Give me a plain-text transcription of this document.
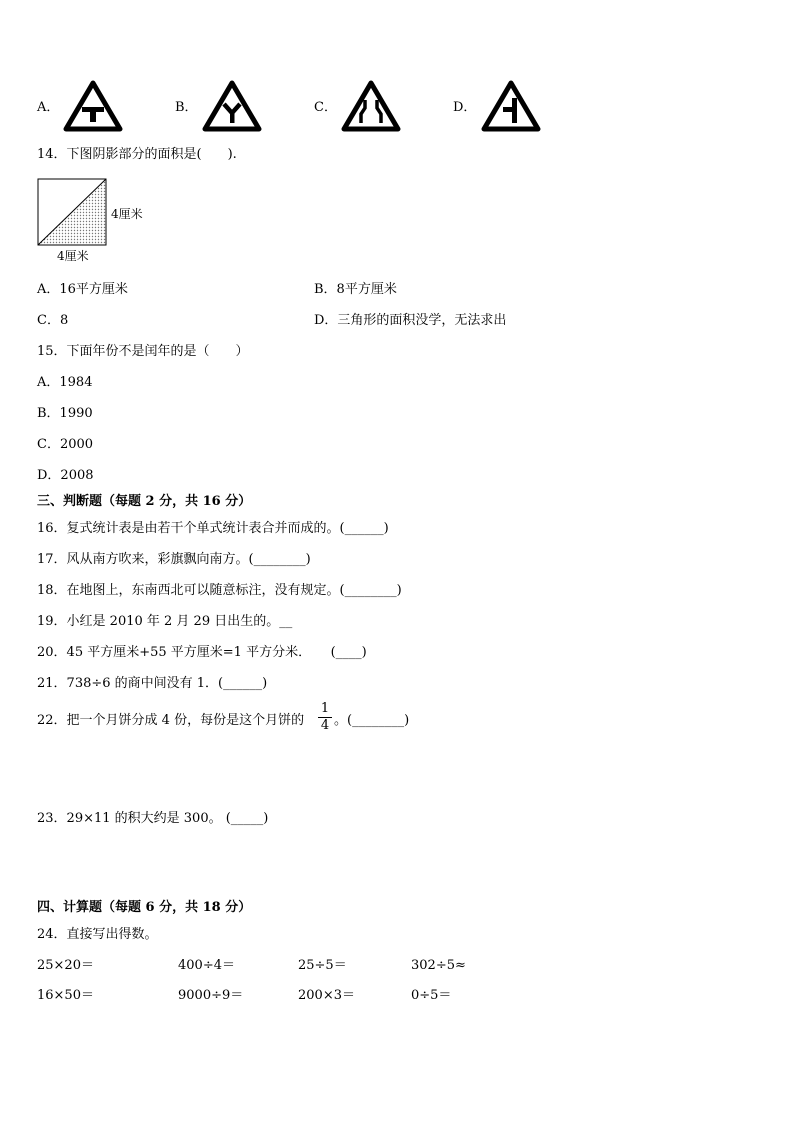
A．	B．	C．	D．
14．下图阴影部分的面积是(　　).
4厘米
4厘米
A．16平方厘米	B．8平方厘米
C．8	D．三角形的面积没学，无法求出
15．下面年份不是闰年的是（　　）
A．1984
B．1990
C．2000
D．2008
三、判断题（每题 2 分，共 16 分）
16．复式统计表是由若干个单式统计表合并而成的。(______)
17．风从南方吹来，彩旗飘向南方。(________)
18．在地图上，东南西北可以随意标注，没有规定。(________)
19．小红是 2010 年 2 月 29 日出生的。__
20．45 平方厘米+55 平方厘米=1 平方分米．　　(____)
21．738÷6 的商中间没有 1．(______)
22．把一个月饼分成 4 份，每份是这个月饼的
1
4 。(________)
23．29×11 的积大约是 300。 (_____)
四、计算题（每题 6 分，共 18 分）
24．直接写出得数。
25×20＝	400÷4＝	25÷5＝	302÷5≈
16×50＝	9000÷9＝	200×3＝	0÷5＝
